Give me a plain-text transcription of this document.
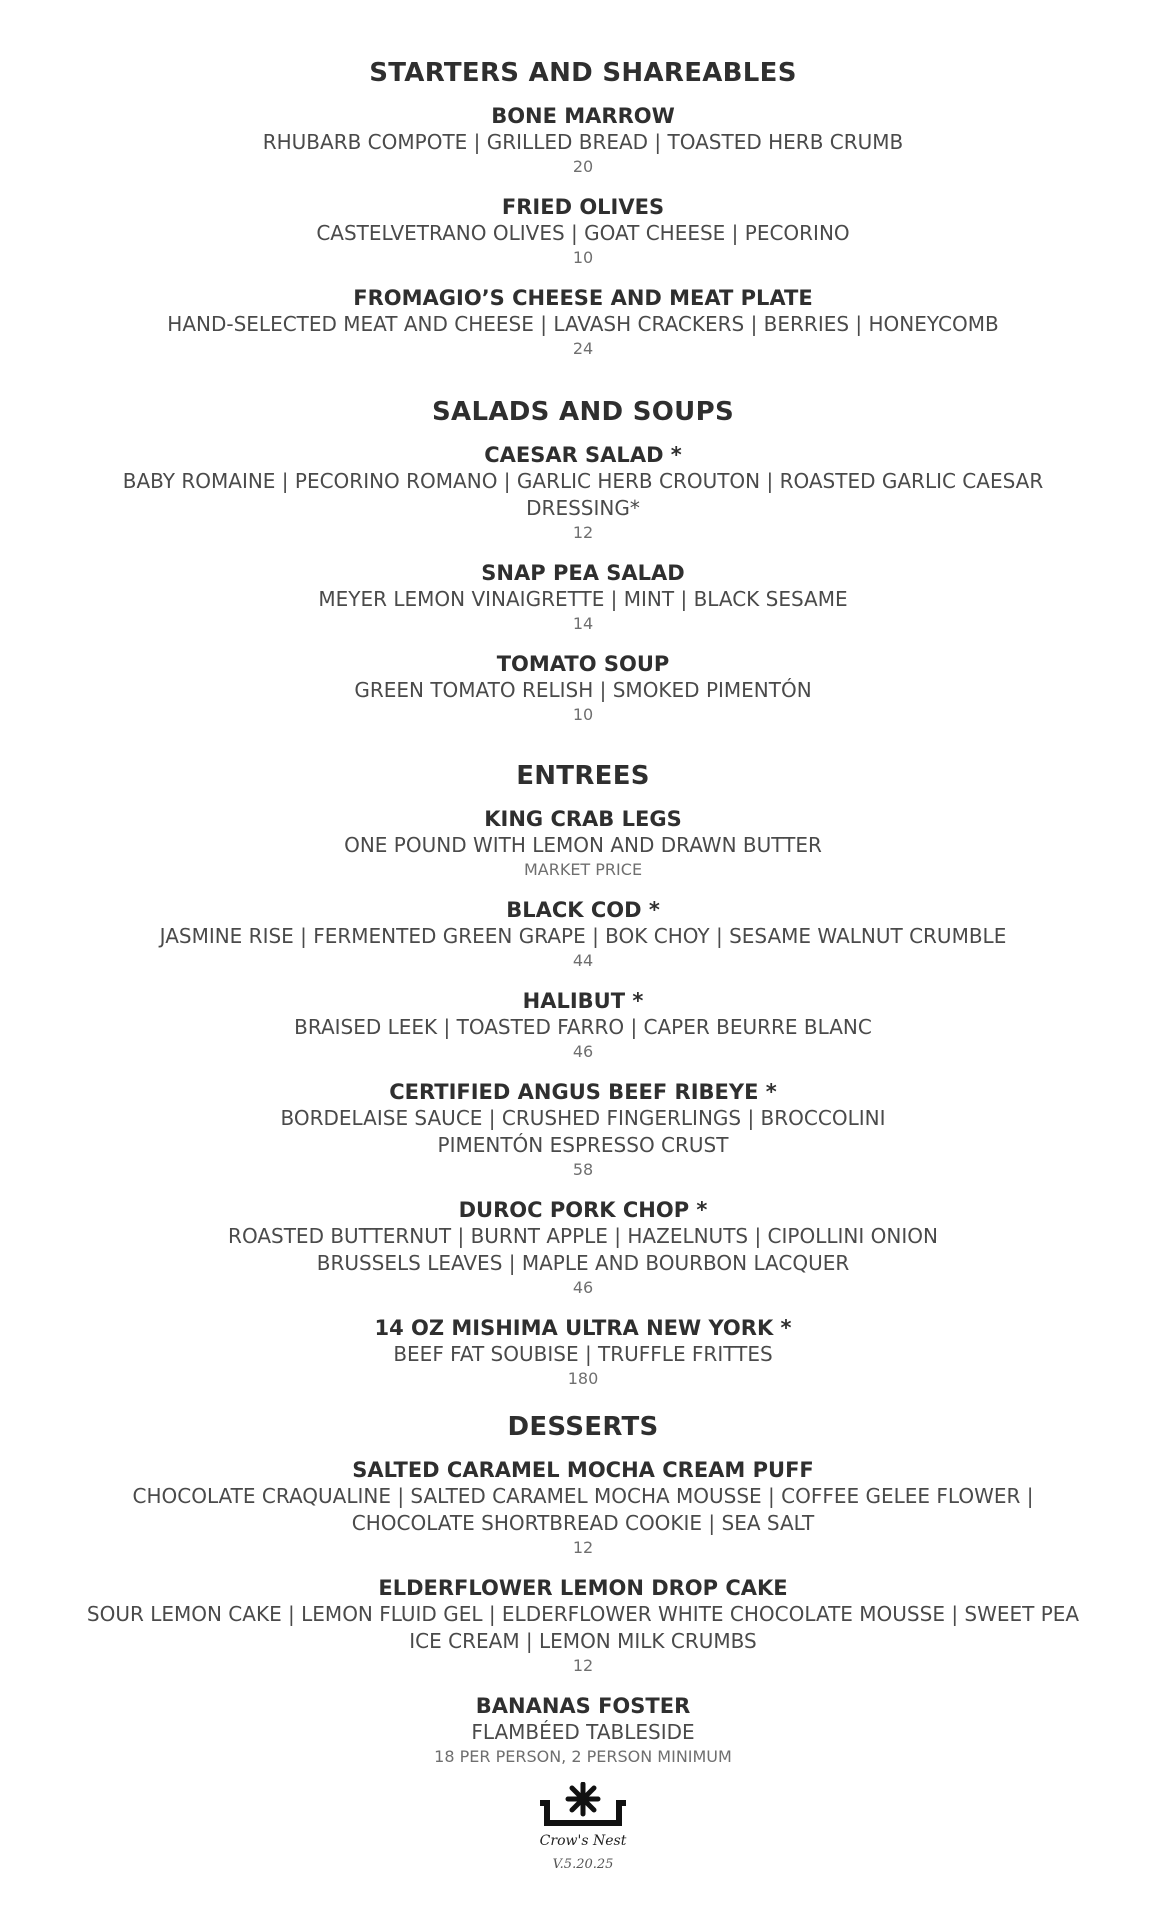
STARTERS AND SHAREABLES
BONE MARROW
RHUBARB COMPOTE | GRILLED BREAD | TOASTED HERB CRUMB
20
FRIED OLIVES
CASTELVETRANO OLIVES | GOAT CHEESE | PECORINO
10
FROMAGIO’S CHEESE AND MEAT PLATE
HAND-SELECTED MEAT AND CHEESE | LAVASH CRACKERS | BERRIES | HONEYCOMB
24
SALADS AND SOUPS
CAESAR SALAD *
BABY ROMAINE | PECORINO ROMANO | GARLIC HERB CROUTON | ROASTED GARLIC CAESAR
DRESSING*
12
SNAP PEA SALAD
MEYER LEMON VINAIGRETTE | MINT | BLACK SESAME
14
TOMATO SOUP
GREEN TOMATO RELISH | SMOKED PIMENTÓN
10
ENTREES
KING CRAB LEGS
ONE POUND WITH LEMON AND DRAWN BUTTER
MARKET PRICE
BLACK COD *
JASMINE RISE | FERMENTED GREEN GRAPE | BOK CHOY | SESAME WALNUT CRUMBLE
44
HALIBUT *
BRAISED LEEK | TOASTED FARRO | CAPER BEURRE BLANC
46
CERTIFIED ANGUS BEEF RIBEYE *
BORDELAISE SAUCE | CRUSHED FINGERLINGS | BROCCOLINI
PIMENTÓN ESPRESSO CRUST
58
DUROC PORK CHOP *
ROASTED BUTTERNUT | BURNT APPLE | HAZELNUTS | CIPOLLINI ONION
BRUSSELS LEAVES | MAPLE AND BOURBON LACQUER
46
14 OZ MISHIMA ULTRA NEW YORK *
BEEF FAT SOUBISE | TRUFFLE FRITTES
180
DESSERTS
SALTED CARAMEL MOCHA CREAM PUFF
CHOCOLATE CRAQUALINE | SALTED CARAMEL MOCHA MOUSSE | COFFEE GELEE FLOWER |
CHOCOLATE SHORTBREAD COOKIE | SEA SALT
12
ELDERFLOWER LEMON DROP CAKE
SOUR LEMON CAKE | LEMON FLUID GEL | ELDERFLOWER WHITE CHOCOLATE MOUSSE | SWEET PEA
ICE CREAM | LEMON MILK CRUMBS
12
BANANAS FOSTER
FLAMBÉED TABLESIDE
18 PER PERSON, 2 PERSON MINIMUM
Crow's Nest
V.5.20.25
